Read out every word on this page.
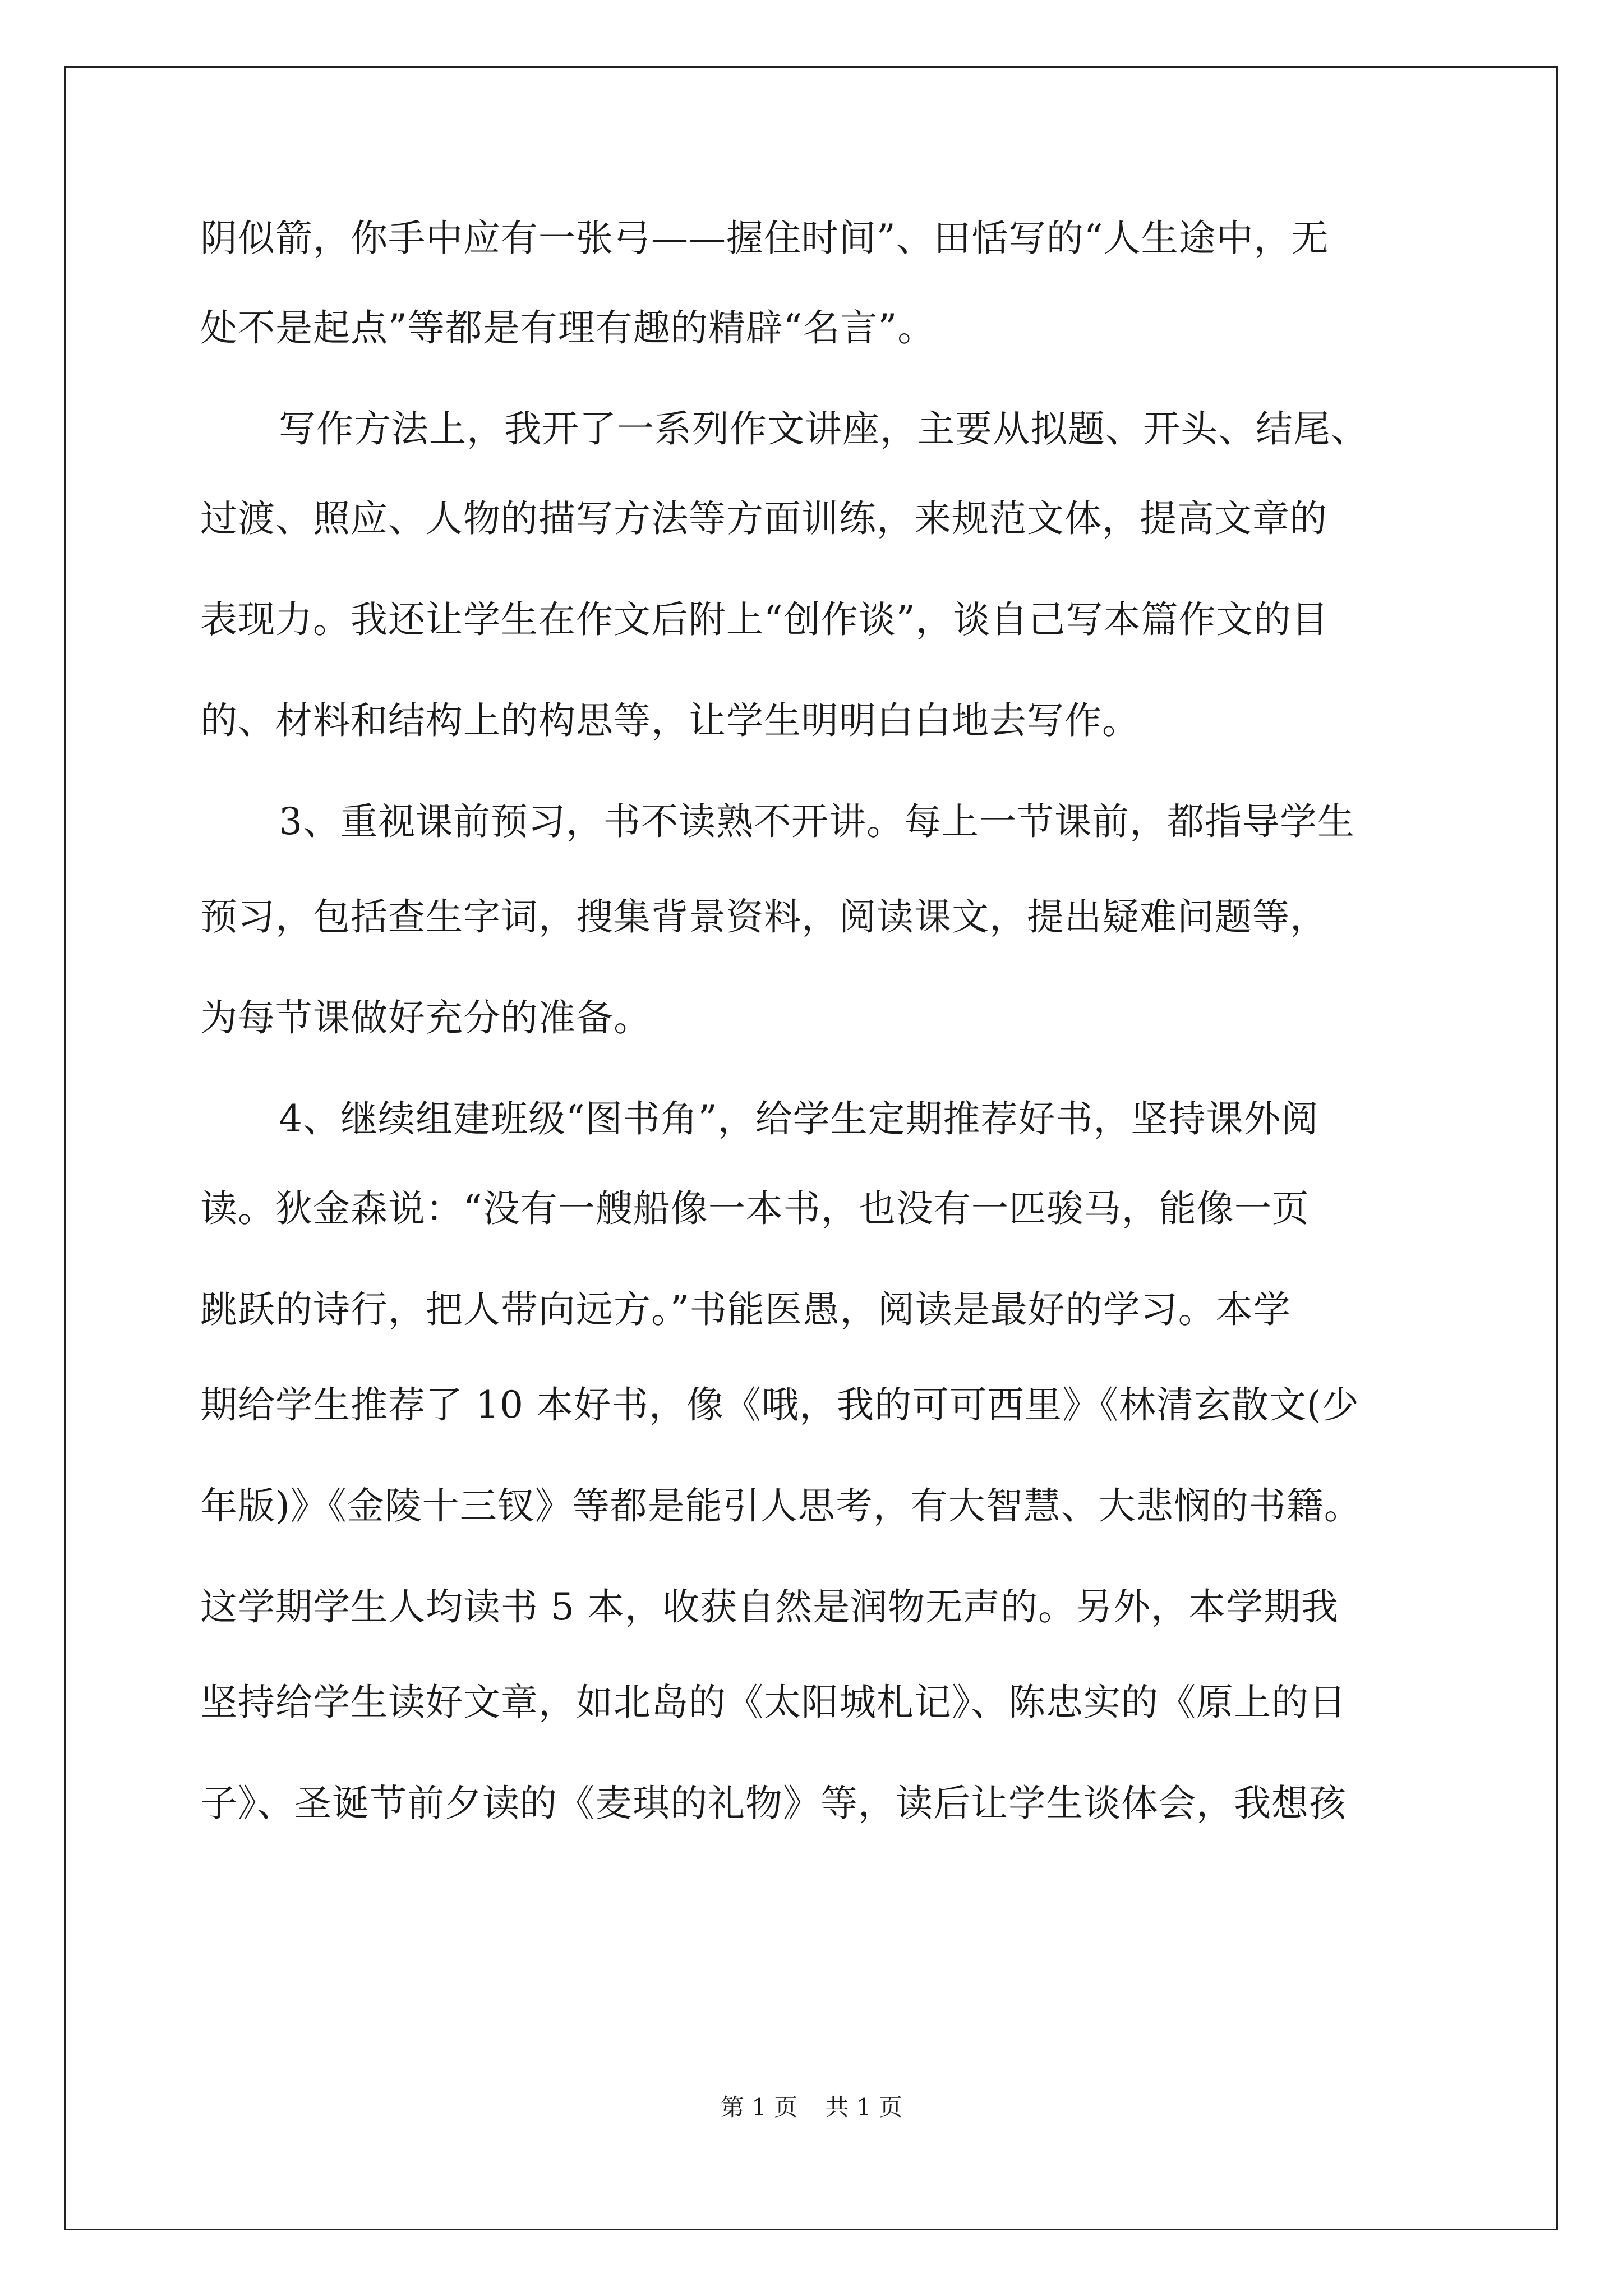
阴似箭，你手中应有一张弓——握住时间”、田恬写的“人生途中，无
处不是起点”等都是有理有趣的精辟“名言”。
写作方法上，我开了一系列作文讲座，主要从拟题、开头、结尾、
过渡、照应、人物的描写方法等方面训练，来规范文体，提高文章的
表现力。我还让学生在作文后附上“创作谈”，谈自己写本篇作文的目
的、材料和结构上的构思等，让学生明明白白地去写作。
3、重视课前预习，书不读熟不开讲。每上一节课前，都指导学生
预习，包括查生字词，搜集背景资料，阅读课文，提出疑难问题等，
为每节课做好充分的准备。
4、继续组建班级“图书角”，给学生定期推荐好书，坚持课外阅
读。狄金森说：“没有一艘船像一本书，也没有一匹骏马，能像一页
跳跃的诗行，把人带向远方。”书能医愚，阅读是最好的学习。本学
期给学生推荐了 10 本好书，像《哦，我的可可西里》《林清玄散文(少
年版)》《金陵十三钗》等都是能引人思考，有大智慧、大悲悯的书籍。
这学期学生人均读书 5 本，收获自然是润物无声的。另外，本学期我
坚持给学生读好文章，如北岛的《太阳城札记》、陈忠实的《原上的日
子》、圣诞节前夕读的《麦琪的礼物》等，读后让学生谈体会，我想孩
第 1 页 共 1 页
